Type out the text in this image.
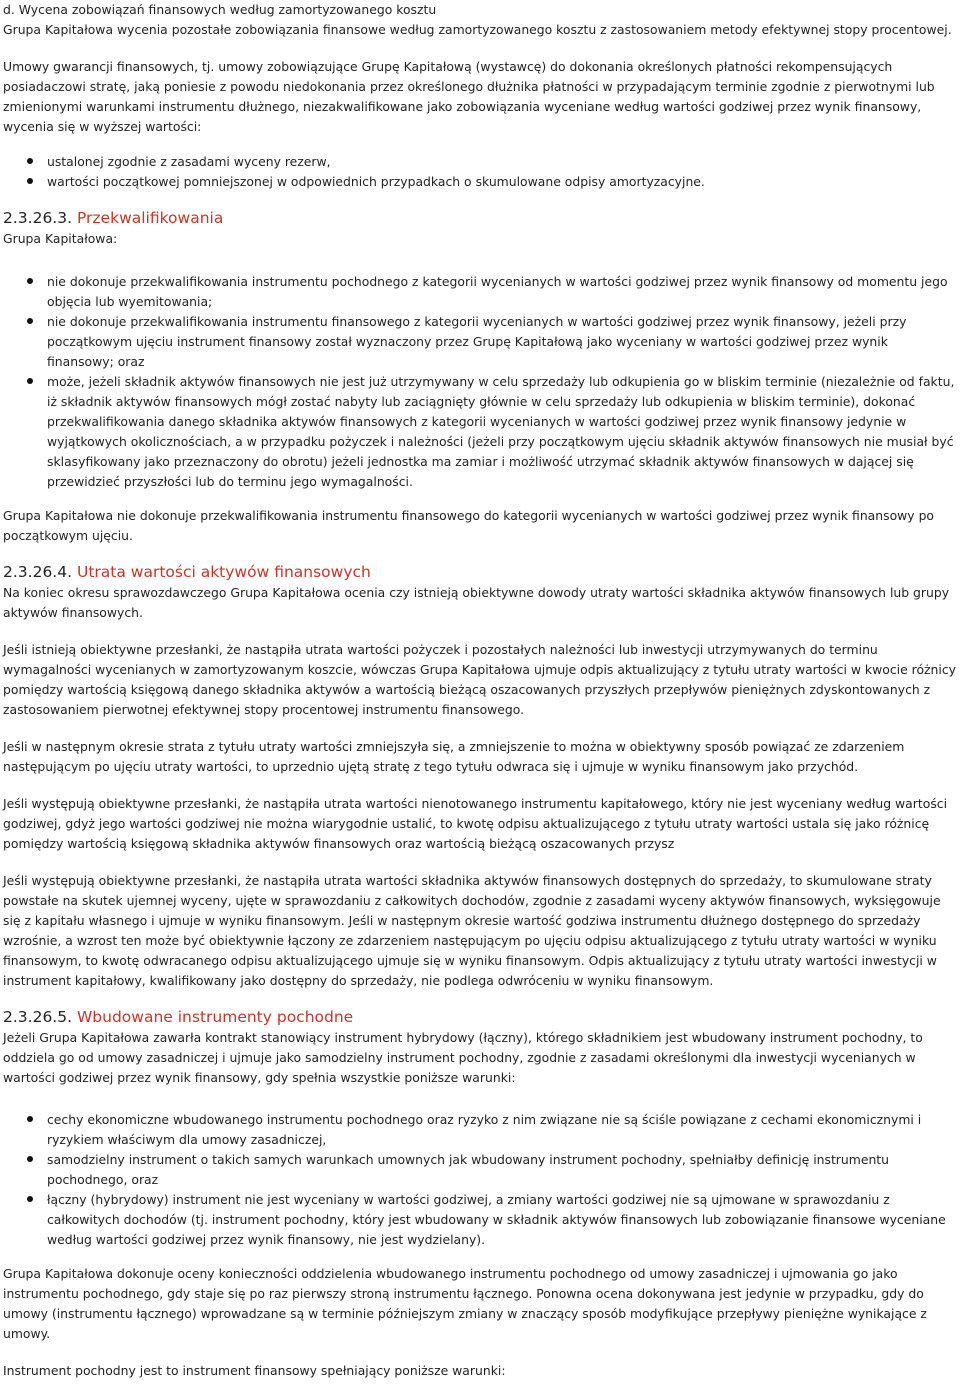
d. Wycena zobowiązań finansowych według zamortyzowanego kosztu

Grupa Kapitałowa wycenia pozostałe zobowiązania finansowe według zamortyzowanego kosztu z zastosowaniem metody efektywnej stopy procentowej.

Umowy gwarancji finansowych, tj. umowy zobowiązujące Grupę Kapitałową (wystawcę) do dokonania określonych płatności rekompensujących posiadaczowi stratę, jaką poniesie z powodu niedokonania przez określonego dłużnika płatności w przypadającym terminie zgodnie z pierwotnymi lub zmienionymi warunkami instrumentu dłużnego, niezakwalifikowane jako zobowiązania wyceniane według wartości godziwej przez wynik finansowy, wycenia się w wyższej wartości:

ustalonej zgodnie z zasadami wyceny rezerw,
wartości początkowej pomniejszonej w odpowiednich przypadkach o skumulowane odpisy amortyzacyjne.
2.3.26.3. Przekwalifikowania

Grupa Kapitałowa:

nie dokonuje przekwalifikowania instrumentu pochodnego z kategorii wycenianych w wartości godziwej przez wynik finansowy od momentu jego objęcia lub wyemitowania;
nie dokonuje przekwalifikowania instrumentu finansowego z kategorii wycenianych w wartości godziwej przez wynik finansowy, jeżeli przy początkowym ujęciu instrument finansowy został wyznaczony przez Grupę Kapitałową jako wyceniany w wartości godziwej przez wynik finansowy; oraz
może, jeżeli składnik aktywów finansowych nie jest już utrzymywany w celu sprzedaży lub odkupienia go w bliskim terminie (niezależnie od faktu, iż składnik aktywów finansowych mógł zostać nabyty lub zaciągnięty głównie w celu sprzedaży lub odkupienia w bliskim terminie), dokonać przekwalifikowania danego składnika aktywów finansowych z kategorii wycenianych w wartości godziwej przez wynik finansowy jedynie w wyjątkowych okolicznościach, a w przypadku pożyczek i należności (jeżeli przy początkowym ujęciu składnik aktywów finansowych nie musiał być sklasyfikowany jako przeznaczony do obrotu) jeżeli jednostka ma zamiar i możliwość utrzymać składnik aktywów finansowych w dającej się przewidzieć przyszłości lub do terminu jego wymagalności.

Grupa Kapitałowa nie dokonuje przekwalifikowania instrumentu finansowego do kategorii wycenianych w wartości godziwej przez wynik finansowy po początkowym ujęciu.

2.3.26.4. Utrata wartości aktywów finansowych

Na koniec okresu sprawozdawczego Grupa Kapitałowa ocenia czy istnieją obiektywne dowody utraty wartości składnika aktywów finansowych lub grupy aktywów finansowych.

Jeśli istnieją obiektywne przesłanki, że nastąpiła utrata wartości pożyczek i pozostałych należności lub inwestycji utrzymywanych do terminu wymagalności wycenianych w zamortyzowanym koszcie, wówczas Grupa Kapitałowa ujmuje odpis aktualizujący z tytułu utraty wartości w kwocie różnicy pomiędzy wartością księgową danego składnika aktywów a wartością bieżącą oszacowanych przyszłych przepływów pieniężnych zdyskontowanych z zastosowaniem pierwotnej efektywnej stopy procentowej instrumentu finansowego.

Jeśli w następnym okresie strata z tytułu utraty wartości zmniejszyła się, a zmniejszenie to można w obiektywny sposób powiązać ze zdarzeniem następującym po ujęciu utraty wartości, to uprzednio ujętą stratę z tego tytułu odwraca się i ujmuje w wyniku finansowym jako przychód.

Jeśli występują obiektywne przesłanki, że nastąpiła utrata wartości nienotowanego instrumentu kapitałowego, który nie jest wyceniany według wartości godziwej, gdyż jego wartości godziwej nie można wiarygodnie ustalić, to kwotę odpisu aktualizującego z tytułu utraty wartości ustala się jako różnicę pomiędzy wartością księgową składnika aktywów finansowych oraz wartością bieżącą oszacowanych przysz

Jeśli występują obiektywne przesłanki, że nastąpiła utrata wartości składnika aktywów finansowych dostępnych do sprzedaży, to skumulowane straty powstałe na skutek ujemnej wyceny, ujęte w sprawozdaniu z całkowitych dochodów, zgodnie z zasadami wyceny aktywów finansowych, wyksięgowuje się z kapitału własnego i ujmuje w wyniku finansowym. Jeśli w następnym okresie wartość godziwa instrumentu dłużnego dostępnego do sprzedaży wzrośnie, a wzrost ten może być obiektywnie łączony ze zdarzeniem następującym po ujęciu odpisu aktualizującego z tytułu utraty wartości w wyniku finansowym, to kwotę odwracanego odpisu aktualizującego ujmuje się w wyniku finansowym. Odpis aktualizujący z tytułu utraty wartości inwestycji w instrument kapitałowy, kwalifikowany jako dostępny do sprzedaży, nie podlega odwróceniu w wyniku finansowym.

2.3.26.5. Wbudowane instrumenty pochodne

Jeżeli Grupa Kapitałowa zawarła kontrakt stanowiący instrument hybrydowy (łączny), którego składnikiem jest wbudowany instrument pochodny, to oddziela go od umowy zasadniczej i ujmuje jako samodzielny instrument pochodny, zgodnie z zasadami określonymi dla inwestycji wycenianych w wartości godziwej przez wynik finansowy, gdy spełnia wszystkie poniższe warunki:

cechy ekonomiczne wbudowanego instrumentu pochodnego oraz ryzyko z nim związane nie są ściśle powiązane z cechami ekonomicznymi i ryzykiem właściwym dla umowy zasadniczej,
samodzielny instrument o takich samych warunkach umownych jak wbudowany instrument pochodny, spełniałby definicję instrumentu pochodnego, oraz
łączny (hybrydowy) instrument nie jest wyceniany w wartości godziwej, a zmiany wartości godziwej nie są ujmowane w sprawozdaniu z całkowitych dochodów (tj. instrument pochodny, który jest wbudowany w składnik aktywów finansowych lub zobowiązanie finansowe wyceniane według wartości godziwej przez wynik finansowy, nie jest wydzielany).

Grupa Kapitałowa dokonuje oceny konieczności oddzielenia wbudowanego instrumentu pochodnego od umowy zasadniczej i ujmowania go jako instrumentu pochodnego, gdy staje się po raz pierwszy stroną instrumentu łącznego. Ponowna ocena dokonywana jest jedynie w przypadku, gdy do umowy (instrumentu łącznego) wprowadzane są w terminie późniejszym zmiany w znaczący sposób modyfikujące przepływy pieniężne wynikające z umowy.

Instrument pochodny jest to instrument finansowy spełniający poniższe warunki:
